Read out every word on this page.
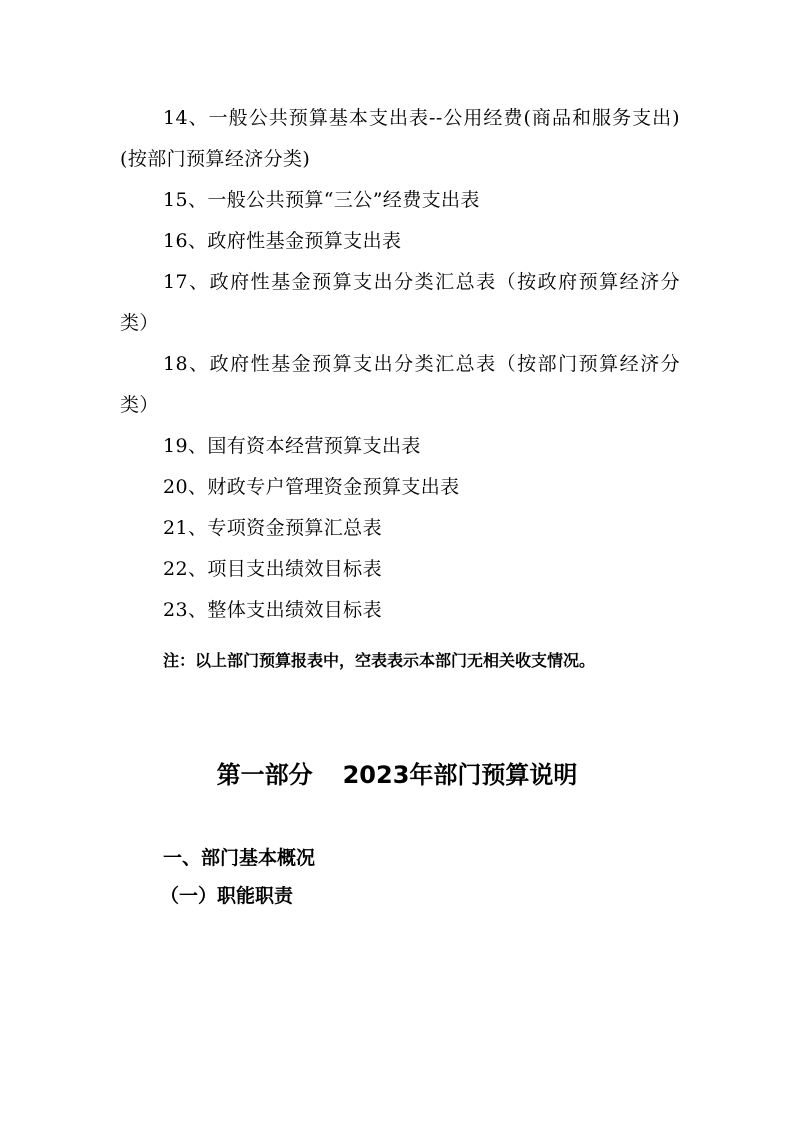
14、一般公共预算基本支出表--公用经费(商品和服务支出)(按部门预算经济分类)

15、一般公共预算“三公”经费支出表

16、政府性基金预算支出表

17、政府性基金预算支出分类汇总表（按政府预算经济分类）

18、政府性基金预算支出分类汇总表（按部门预算经济分类）

19、国有资本经营预算支出表

20、财政专户管理资金预算支出表

21、专项资金预算汇总表

22、项目支出绩效目标表

23、整体支出绩效目标表

注：以上部门预算报表中，空表表示本部门无相关收支情况。

第一部分 2023年部门预算说明
一、部门基本概况
（一）职能职责
